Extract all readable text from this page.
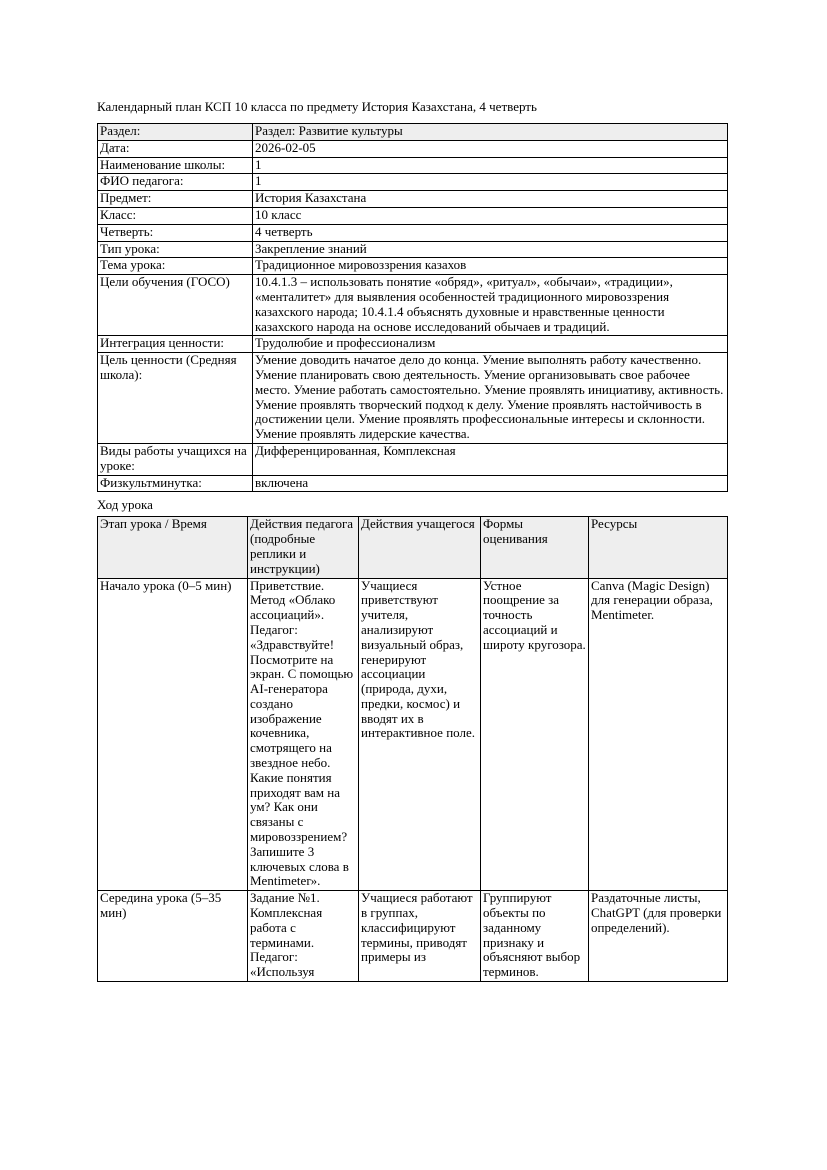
Календарный план КСП 10 класса по предмету История Казахстана, 4 четверть

Раздел:	Раздел: Развитие культуры
Дата:	2026-02-05
Наименование школы:	1
ФИО педагога:	1
Предмет:	История Казахстана
Класс:	10 класс
Четверть:	4 четверть
Тип урока:	Закрепление знаний
Тема урока:	Традиционное мировоззрения казахов
Цели обучения (ГОСО)	10.4.1.3 – использовать понятие «обряд», «ритуал», «обычаи», «традиции», «менталитет» для выявления особенностей традиционного мировоззрения казахского народа; 10.4.1.4 объяснять духовные и нравственные ценности казахского народа на основе исследований обычаев и традиций.
Интеграция ценности:	Трудолюбие и профессионализм
Цель ценности (Средняя школа):	Умение доводить начатое дело до конца. Умение выполнять работу качественно. Умение планировать свою деятельность. Умение организовывать свое рабочее место. Умение работать самостоятельно. Умение проявлять инициативу, активность. Умение проявлять творческий подход к делу. Умение проявлять настойчивость в достижении цели. Умение проявлять профессиональные интересы и склонности. Умение проявлять лидерские качества.
Виды работы учащихся на уроке:	Дифференцированная, Комплексная
Физкультминутка:	включена

Ход урока

Этап урока / Время	Действия педагога (подробные реплики и инструкции)	Действия учащегося	Формы оценивания	Ресурсы
Начало урока (0–5 мин)	Приветствие. Метод «Облако ассоциаций». Педагог: «Здравствуйте! Посмотрите на экран. С помощью AI-генератора создано изображение кочевника, смотрящего на звездное небо. Какие понятия приходят вам на ум? Как они связаны с мировоззрением? Запишите 3 ключевых слова в Mentimeter».	Учащиеся приветствуют учителя, анализируют визуальный образ, генерируют ассоциации (природа, духи, предки, космос) и вводят их в интерактивное поле.	Устное поощрение за точность ассоциаций и широту кругозора.	Canva (Magic Design) для генерации образа, Mentimeter.
Середина урока (5–35 мин)	Задание №1. Комплексная работа с терминами. Педагог: «Используя	Учащиеся работают в группах, классифицируют термины, приводят примеры из	Группируют объекты по заданному признаку и объясняют выбор терминов.	Раздаточные листы, ChatGPT (для проверки определений).
